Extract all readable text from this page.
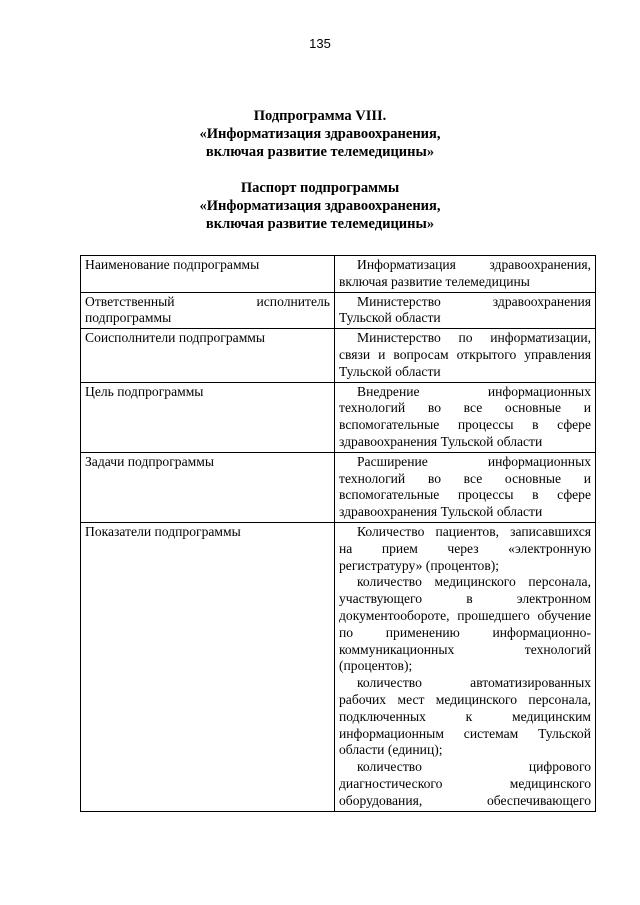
135
Подпрограмма VIII.
«Информатизация здравоохранения,
включая развитие телемедицины»
Паспорт подпрограммы
«Информатизация здравоохранения,
включая развитие телемедицины»
Наименование подпрограммы	Информатизация здравоохранения, включая развитие телемедицины

Ответственный исполнитель
подпрограммы	Министерство здравоохранения Тульской области

Соисполнители подпрограммы	Министерство по информатизации, связи и вопросам открытого управления Тульской области

Цель подпрограммы	Внедрение информационных технологий во все основные и вспомогательные процессы в сфере здравоохранения Тульской области

Задачи подпрограммы	Расширение информационных технологий во все основные и вспомогательные процессы в сфере здравоохранения Тульской области

Показатели подпрограммы	Количество пациентов, записавшихся на прием через «электронную регистратуру» (процентов);

количество медицинского персонала, участвующего в электронном документообороте, прошедшего обучение по применению информационно-коммуникационных технологий (процентов);

количество автоматизированных рабочих мест медицинского персонала, подключенных к медицинским информационным системам Тульской области (единиц);

количество цифрового диагностического медицинского оборудования, обеспечивающего
